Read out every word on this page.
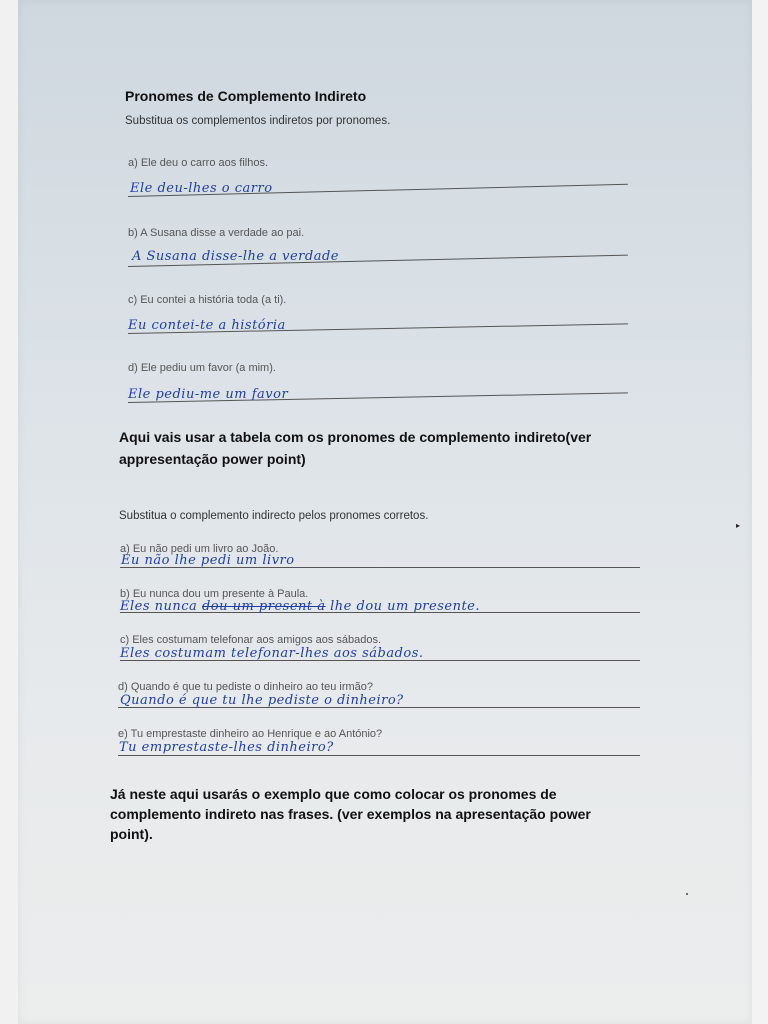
Pronomes de Complemento Indireto
Substitua os complementos indiretos por pronomes.
a) Ele deu o carro aos filhos.
Ele deu-lhes o carro
b) A Susana disse a verdade ao pai.
A Susana disse-lhe a verdade
c) Eu contei a história toda (a ti).
Eu contei-te a história
d) Ele pediu um favor (a mim).
Ele pediu-me um favor
Aqui vais usar a tabela com os pronomes de complemento indireto(ver
appresentação power point)
Substitua o complemento indirecto pelos pronomes corretos.
a) Eu não pedi um livro ao João.
Eu não lhe pedi um livro
b) Eu nunca dou um presente à Paula.
Eles nunca dou um present à lhe dou um presente.
c) Eles costumam telefonar aos amigos aos sábados.
Eles costumam telefonar-lhes aos sábados.
d) Quando é que tu pediste o dinheiro ao teu irmão?
Quando é que tu lhe pediste o dinheiro?
e) Tu emprestaste dinheiro ao Henrique e ao António?
Tu emprestaste-lhes dinheiro?
Já neste aqui usarás o exemplo que como colocar os pronomes de
complemento indireto nas frases. (ver exemplos na apresentação power
point).
▸
